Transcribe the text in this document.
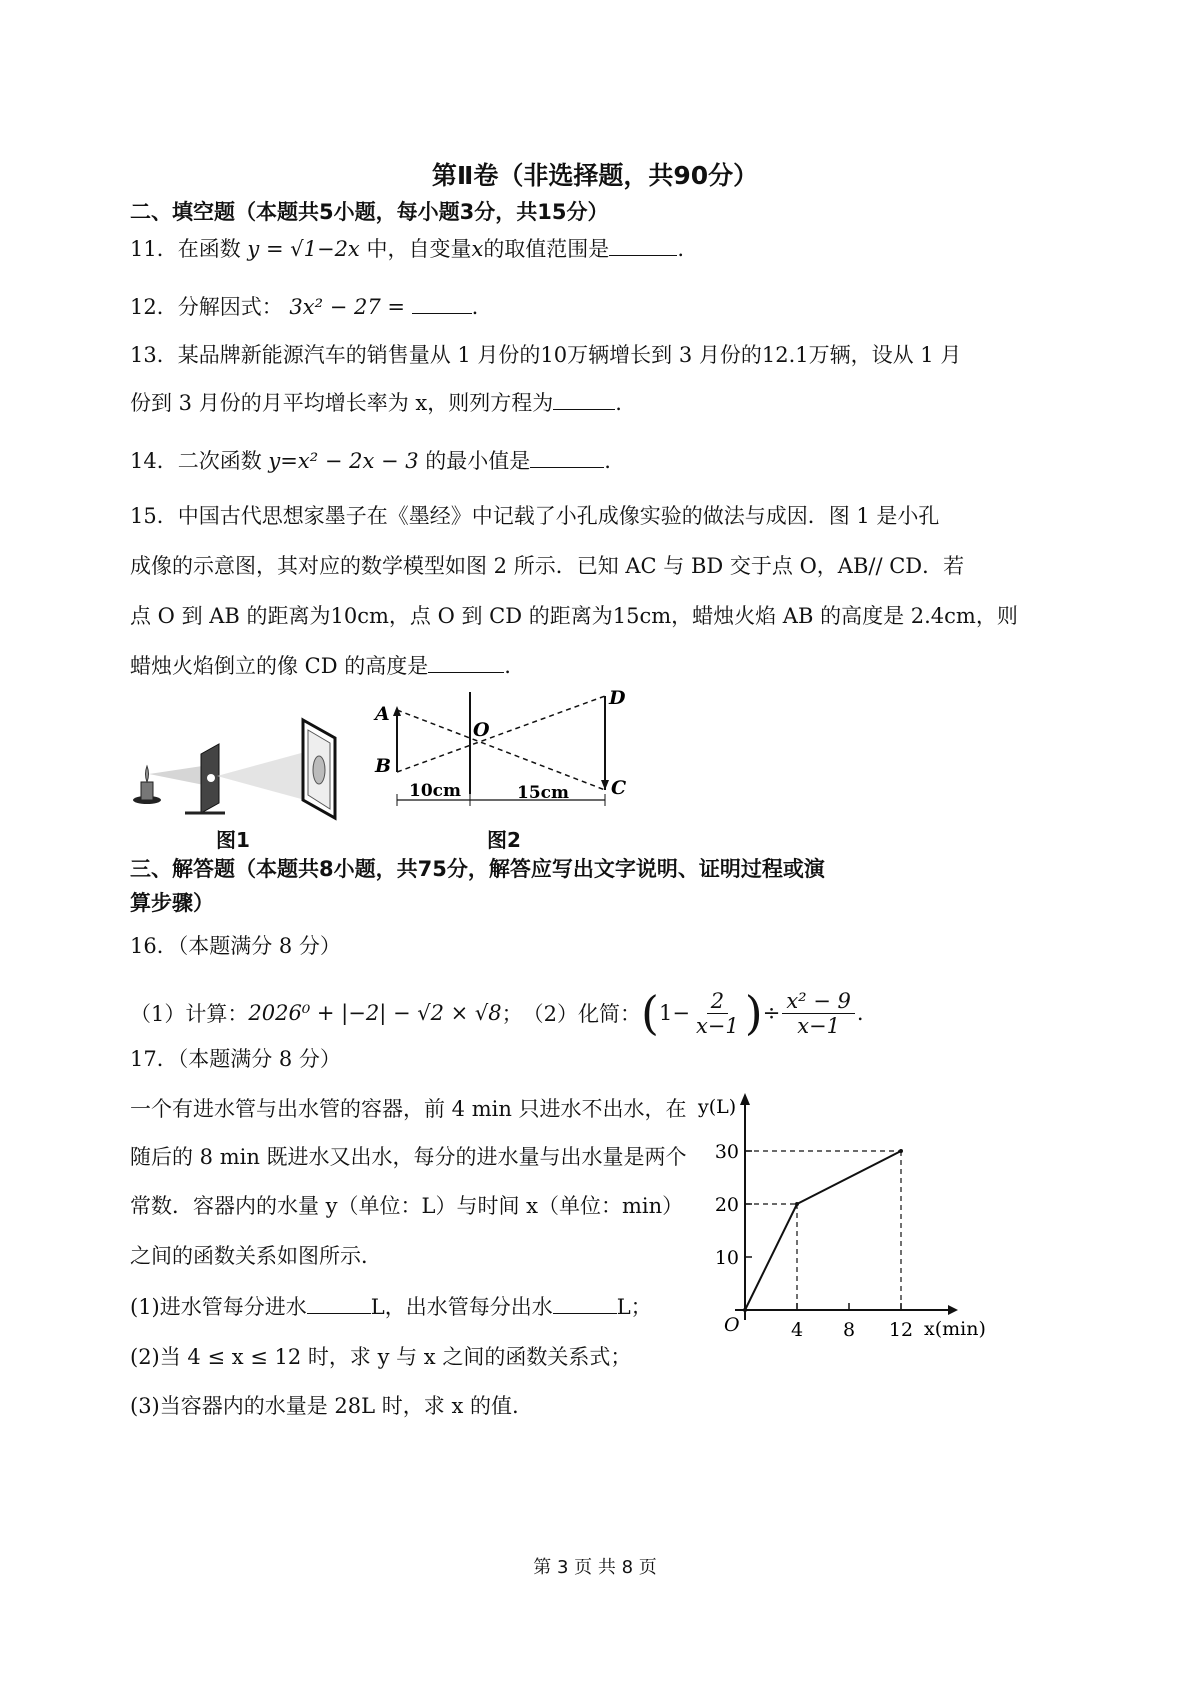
第Ⅱ卷（非选择题，共90分）
二、填空题（本题共5小题，每小题3分，共15分）
11．在函数 y = √1−2x 中，自变量x的取值范围是	.
12．分解因式： 3x² − 27 =	.
13．某品牌新能源汽车的销售量从 1 月份的10万辆增长到 3 月份的12.1万辆，设从 1 月
份到 3 月份的月平均增长率为 x，则列方程为	.
14．二次函数 y=x² − 2x − 3 的最小值是	.
15．中国古代思想家墨子在《墨经》中记载了小孔成像实验的做法与成因．图 1 是小孔
成像的示意图，其对应的数学模型如图 2 所示．已知 AC 与 BD 交于点 O，AB// CD．若
点 O 到 AB 的距离为10cm，点 O 到 CD 的距离为15cm，蜡烛火焰 AB 的高度是 2.4cm，则
蜡烛火焰倒立的像 CD 的高度是	.
图1
A
B
C
D
O
10cm	15cm
图2
三、解答题（本题共8小题，共75分，解答应写出文字说明、证明过程或演
算步骤）
16．（本题满分 8 分）
（1）计算： 2026⁰ + |−2| − √2 × √8 ； （2）化简： ( $1- \frac{2}{x-1}$ ) ÷ $\frac{\text{x² − 9}}{x-1}$ .
17．（本题满分 8 分）
一个有进水管与出水管的容器，前 4 min 只进水不出水，在
随后的 8 min 既进水又出水，每分的进水量与出水量是两个
常数．容器内的水量 y（单位：L）与时间 x（单位：min）
之间的函数关系如图所示．
(1)进水管每分进水	L，出水管每分出水	L；
(2)当 4 ≤ x ≤ 12 时，求 y 与 x 之间的函数关系式；
(3)当容器内的水量是 28L 时，求 x 的值.
O	x(min)
y(L)
4 8 12
10
20
30
第 3 页 共 8 页
